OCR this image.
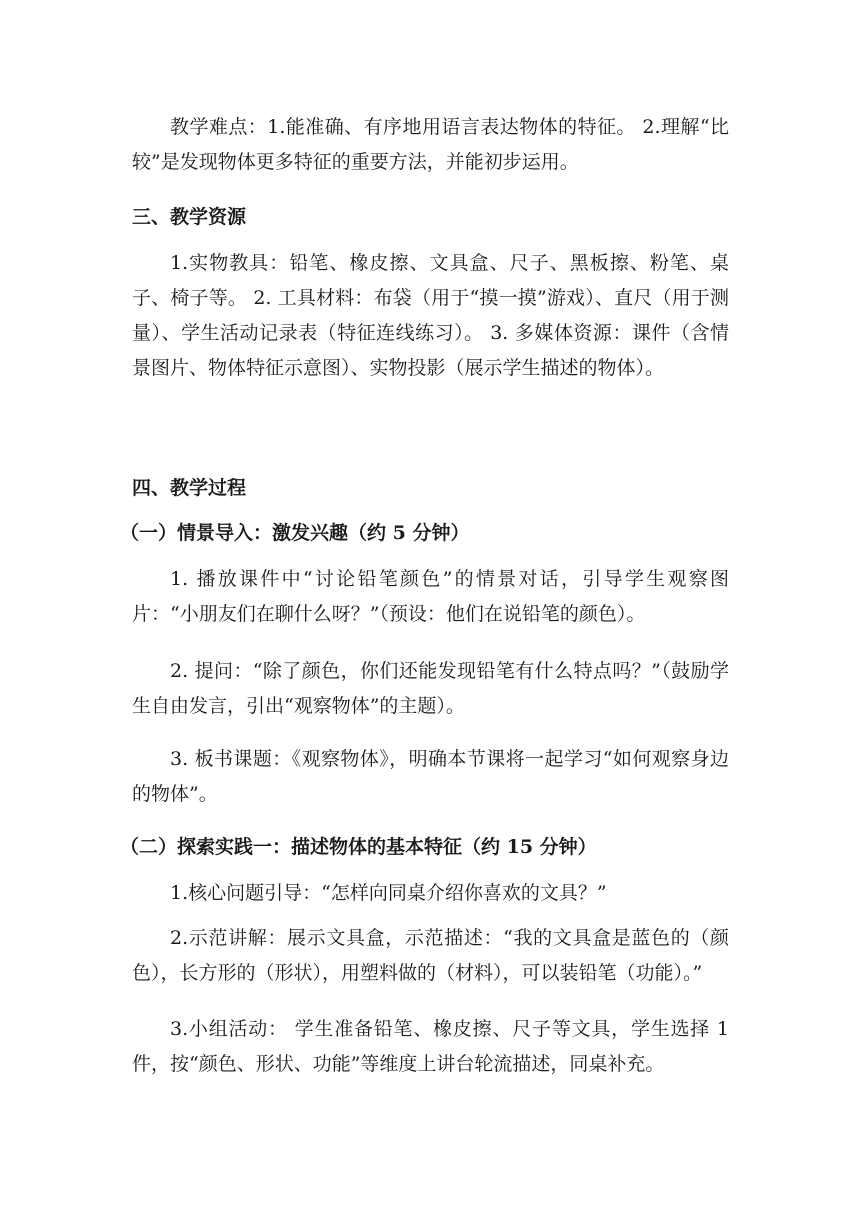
教学难点：1.能准确、有序地用语言表达物体的特征。 2.理解“比较”是发现物体更多特征的重要方法，并能初步运用。

三、教学资源

1.实物教具：铅笔、橡皮擦、文具盒、尺子、黑板擦、粉笔、桌子、椅子等。 2. 工具材料：布袋（用于“摸一摸”游戏）、直尺（用于测量）、学生活动记录表（特征连线练习）。 3. 多媒体资源：课件（含情景图片、物体特征示意图）、实物投影（展示学生描述的物体）。

四、教学过程
（一）情景导入：激发兴趣（约 5 分钟）

1. 播放课件中“讨论铅笔颜色”的情景对话，引导学生观察图片：“小朋友们在聊什么呀？”（预设：他们在说铅笔的颜色）。

2. 提问：“除了颜色，你们还能发现铅笔有什么特点吗？”（鼓励学生自由发言，引出“观察物体”的主题）。

3. 板书课题：《观察物体》，明确本节课将一起学习“如何观察身边的物体”。

（二）探索实践一：描述物体的基本特征（约 15 分钟）

1.核心问题引导：“怎样向同桌介绍你喜欢的文具？”

2.示范讲解：展示文具盒，示范描述：“我的文具盒是蓝色的（颜色），长方形的（形状），用塑料做的（材料），可以装铅笔（功能）。”

3.小组活动： 学生准备铅笔、橡皮擦、尺子等文具，学生选择 1 件，按“颜色、形状、功能”等维度上讲台轮流描述，同桌补充。
